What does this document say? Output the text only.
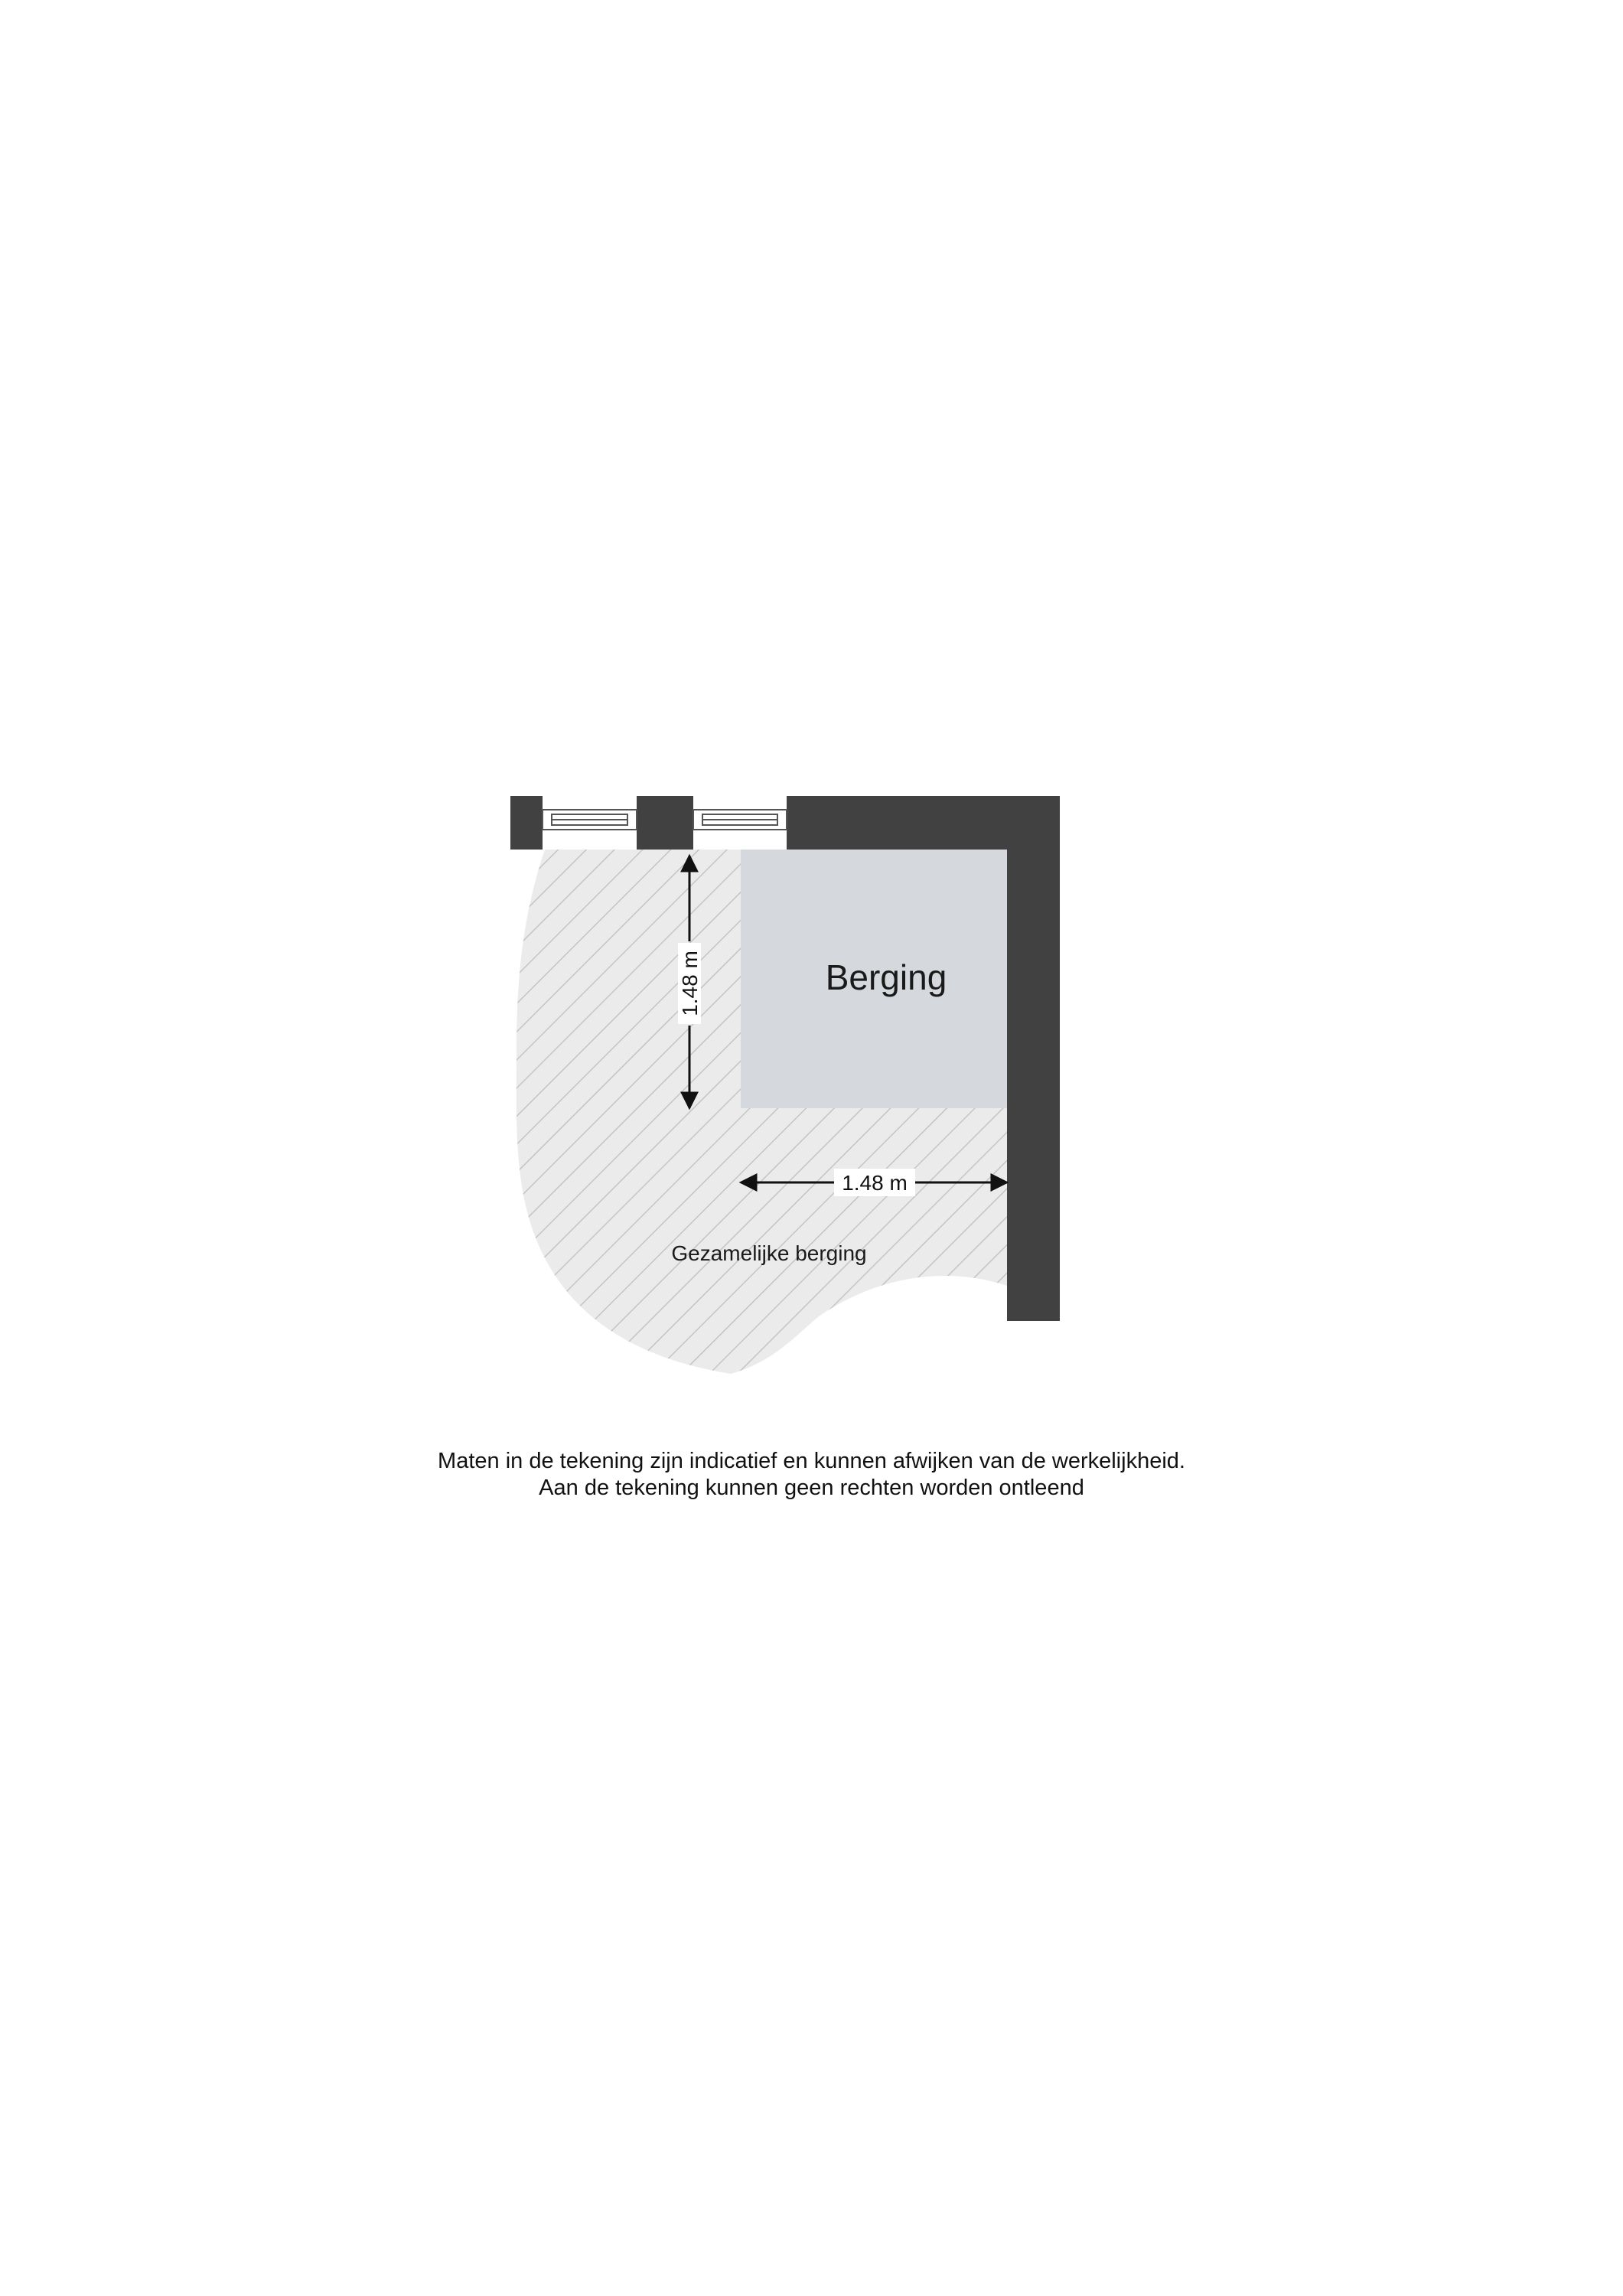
Berging
Gezamelijke berging
1.48 m
1.48 m
Maten in de tekening zijn indicatief en kunnen afwijken van de werkelijkheid.
Aan de tekening kunnen geen rechten worden ontleend
